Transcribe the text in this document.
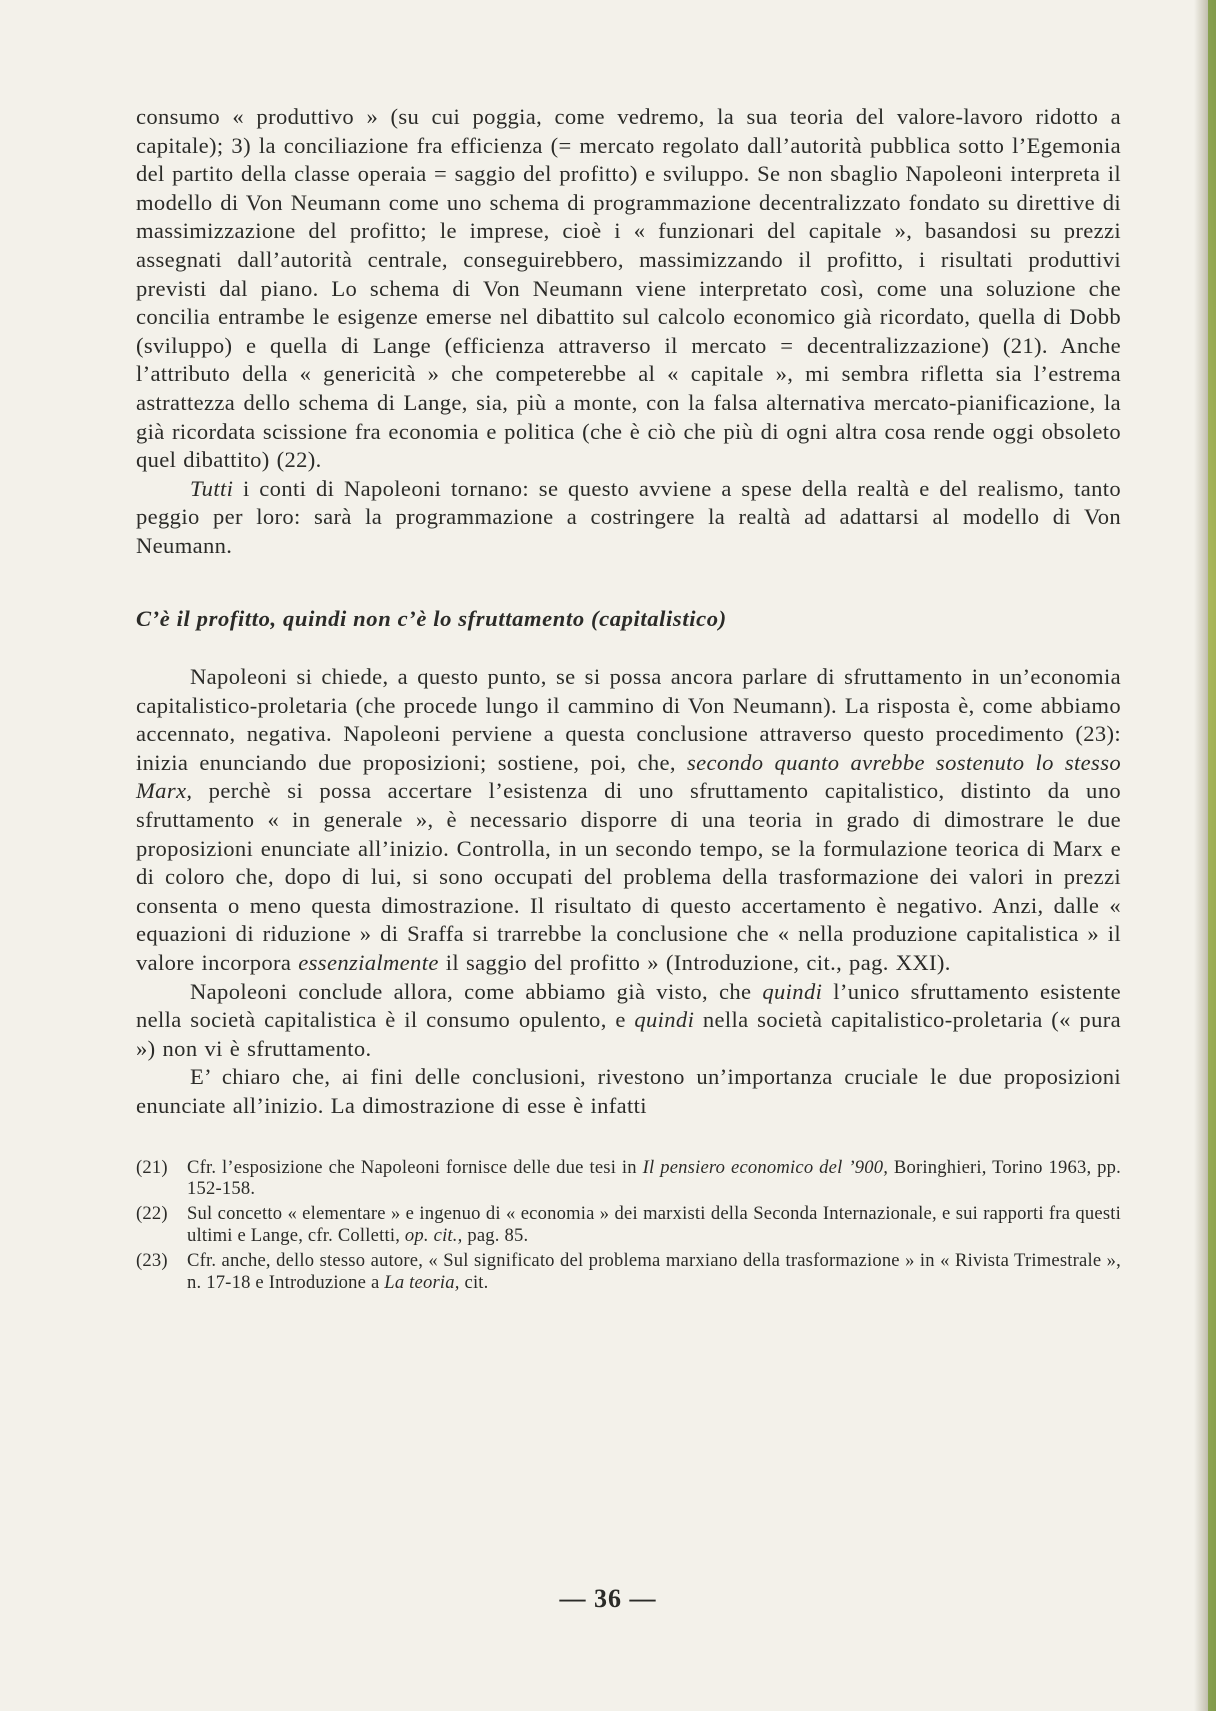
consumo « produttivo » (su cui poggia, come vedremo, la sua teoria del valore-lavoro ridotto a capitale); 3) la conciliazione fra efficienza (= mercato regolato dall’autorità pubblica sotto l’Egemonia del partito della classe operaia = saggio del profitto) e sviluppo. Se non sbaglio Napoleoni interpreta il modello di Von Neumann come uno schema di programmazione decentralizzato fondato su direttive di massimizzazione del profitto; le imprese, cioè i « funzionari del capitale », basandosi su prezzi assegnati dall’autorità centrale, conseguirebbero, massimizzando il profitto, i risultati produttivi previsti dal piano. Lo schema di Von Neumann viene interpretato così, come una soluzione che concilia entrambe le esigenze emerse nel dibattito sul calcolo economico già ricordato, quella di Dobb (sviluppo) e quella di Lange (efficienza attraverso il mercato = decentralizzazione) (21). Anche l’attributo della « genericità » che competerebbe al « capitale », mi sembra rifletta sia l’estrema astrattezza dello schema di Lange, sia, più a monte, con la falsa alternativa mercato-pianificazione, la già ricordata scissione fra economia e politica (che è ciò che più di ogni altra cosa rende oggi obsoleto quel dibattito) (22).

Tutti i conti di Napoleoni tornano: se questo avviene a spese della realtà e del realismo, tanto peggio per loro: sarà la programmazione a costringere la realtà ad adattarsi al modello di Von Neumann.

C’è il profitto, quindi non c’è lo sfruttamento (capitalistico)

Napoleoni si chiede, a questo punto, se si possa ancora parlare di sfruttamento in un’economia capitalistico-proletaria (che procede lungo il cammino di Von Neumann). La risposta è, come abbiamo accennato, negativa. Napoleoni perviene a questa conclusione attraverso questo procedimento (23): inizia enunciando due proposizioni; sostiene, poi, che, secondo quanto avrebbe sostenuto lo stesso Marx, perchè si possa accertare l’esistenza di uno sfruttamento capitalistico, distinto da uno sfruttamento « in generale », è necessario disporre di una teoria in grado di dimostrare le due proposizioni enunciate all’inizio. Controlla, in un secondo tempo, se la formulazione teorica di Marx e di coloro che, dopo di lui, si sono occupati del problema della trasformazione dei valori in prezzi consenta o meno questa dimostrazione. Il risultato di questo accertamento è negativo. Anzi, dalle « equazioni di riduzione » di Sraffa si trarrebbe la conclusione che « nella produzione capitalistica » il valore incorpora essenzialmente il saggio del profitto » (Introduzione, cit., pag. XXI).

Napoleoni conclude allora, come abbiamo già visto, che quindi l’unico sfruttamento esistente nella società capitalistica è il consumo opulento, e quindi nella società capitalistico-proletaria (« pura ») non vi è sfruttamento.

E’ chiaro che, ai fini delle conclusioni, rivestono un’importanza cruciale le due proposizioni enunciate all’inizio. La dimostrazione di esse è infatti

(21) Cfr. l’esposizione che Napoleoni fornisce delle due tesi in Il pensiero economico del ’900, Boringhieri, Torino 1963, pp. 152-158.

(22) Sul concetto « elementare » e ingenuo di « economia » dei marxisti della Seconda Internazionale, e sui rapporti fra questi ultimi e Lange, cfr. Colletti, op. cit., pag. 85.

(23) Cfr. anche, dello stesso autore, « Sul significato del problema marxiano della trasformazione » in « Rivista Trimestrale », n. 17-18 e Introduzione a La teoria, cit.

— 36 —
